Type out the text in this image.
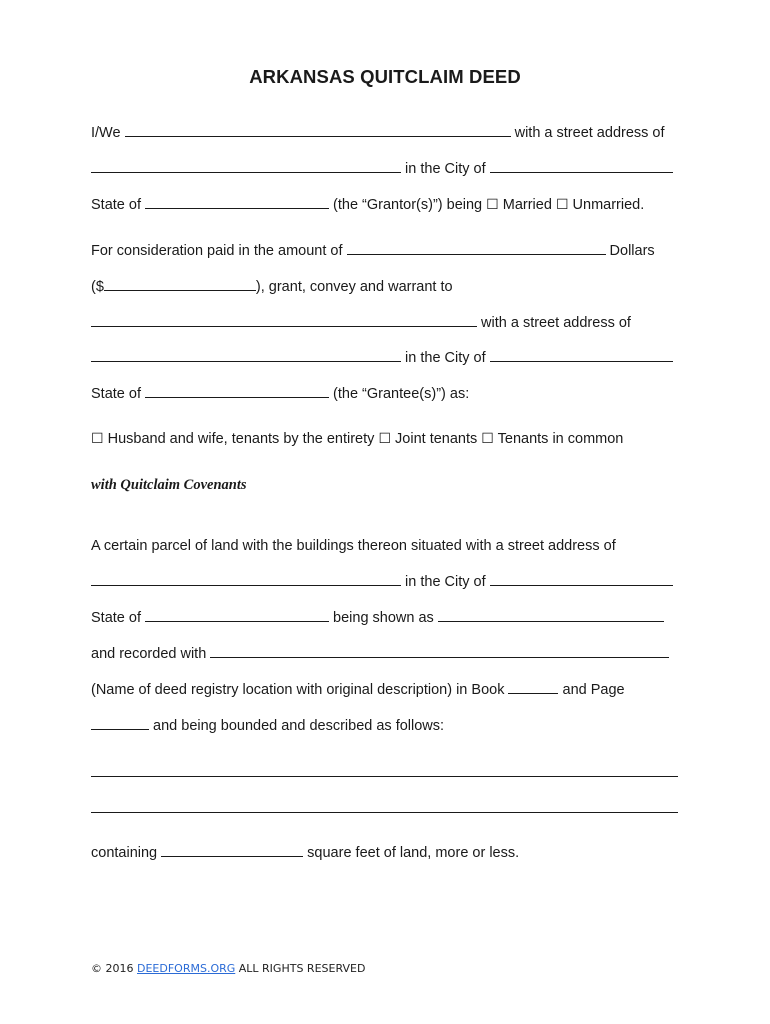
ARKANSAS QUITCLAIM DEED
I/We	with a street address of
in the City of
State of	(the “Grantor(s)”) being ☐ Married ☐ Unmarried.
For consideration paid in the amount of	Dollars
($	), grant, convey and warrant to
with a street address of
in the City of
State of	(the “Grantee(s)”) as:
☐ Husband and wife, tenants by the entirety ☐ Joint tenants ☐ Tenants in common
with Quitclaim Covenants
A certain parcel of land with the buildings thereon situated with a street address of
in the City of
State of	being shown as
and recorded with
(Name of deed registry location with original description) in Book	and Page
and being bounded and described as follows:
containing	square feet of land, more or less.
© 2016 DEEDFORMS.ORG ALL RIGHTS RESERVED
